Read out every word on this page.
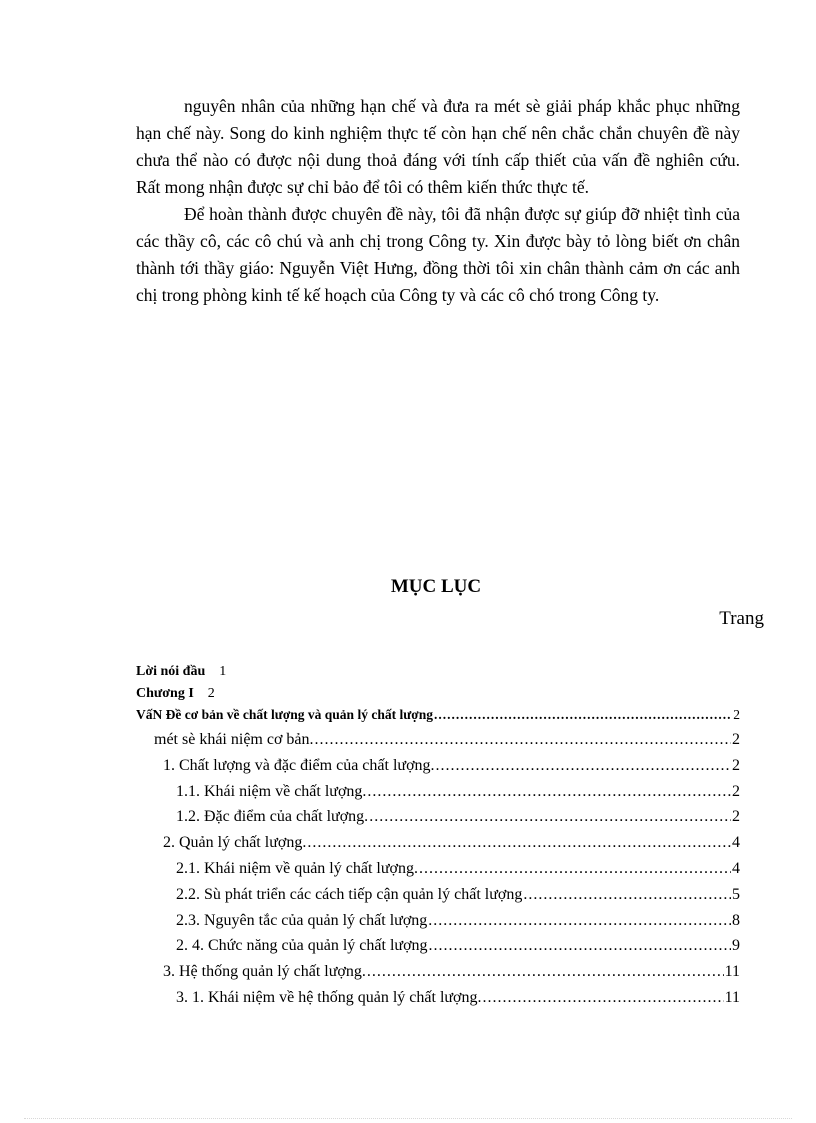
nguyên nhân của những hạn chế và đưa ra mét sè giải pháp khắc phục những hạn chế này. Song do kinh nghiệm thực tế còn hạn chế nên chắc chắn chuyên đề này chưa thể nào có được nội dung thoả đáng với tính cấp thiết của vấn đề nghiên cứu. Rất mong nhận được sự chỉ bảo để tôi có thêm kiến thức thực tế.

Để hoàn thành được chuyên đề này, tôi đã nhận được sự giúp đỡ nhiệt tình của các thầy cô, các cô chú và anh chị trong Công ty. Xin được bày tỏ lòng biết ơn chân thành tới thầy giáo: Nguyễn Việt Hưng, đồng thời tôi xin chân thành cảm ơn các anh chị trong phòng kinh tế kế hoạch của Công ty và các cô chó trong Công ty.

MỤC LỤC
Trang
Lời nói đầu 1
Chương I 2
VấN Đề cơ bản về chất lượng và quản lý chất lượng .....	2
mét sè khái niệm cơ bản. .....	2
1. Chất lượng và đặc điểm của chất lượng. .....	2
1.1. Khái niệm về chất lượng. .....	2
1.2. Đặc điểm của chất lượng. .....	2
2. Quản lý chất lượng. .....	4
2.1. Khái niệm về quản lý chất lượng. .....	4
2.2. Sù phát triển các cách tiếp cận quản lý chất lượng .....	5
2.3. Nguyên tắc của quản lý chất lượng .....	8
2. 4. Chức năng của quản lý chất lượng .....	9
3. Hệ thống quản lý chất lượng. .....	11
3. 1. Khái niệm về hệ thống quản lý chất lượng. .....	11
